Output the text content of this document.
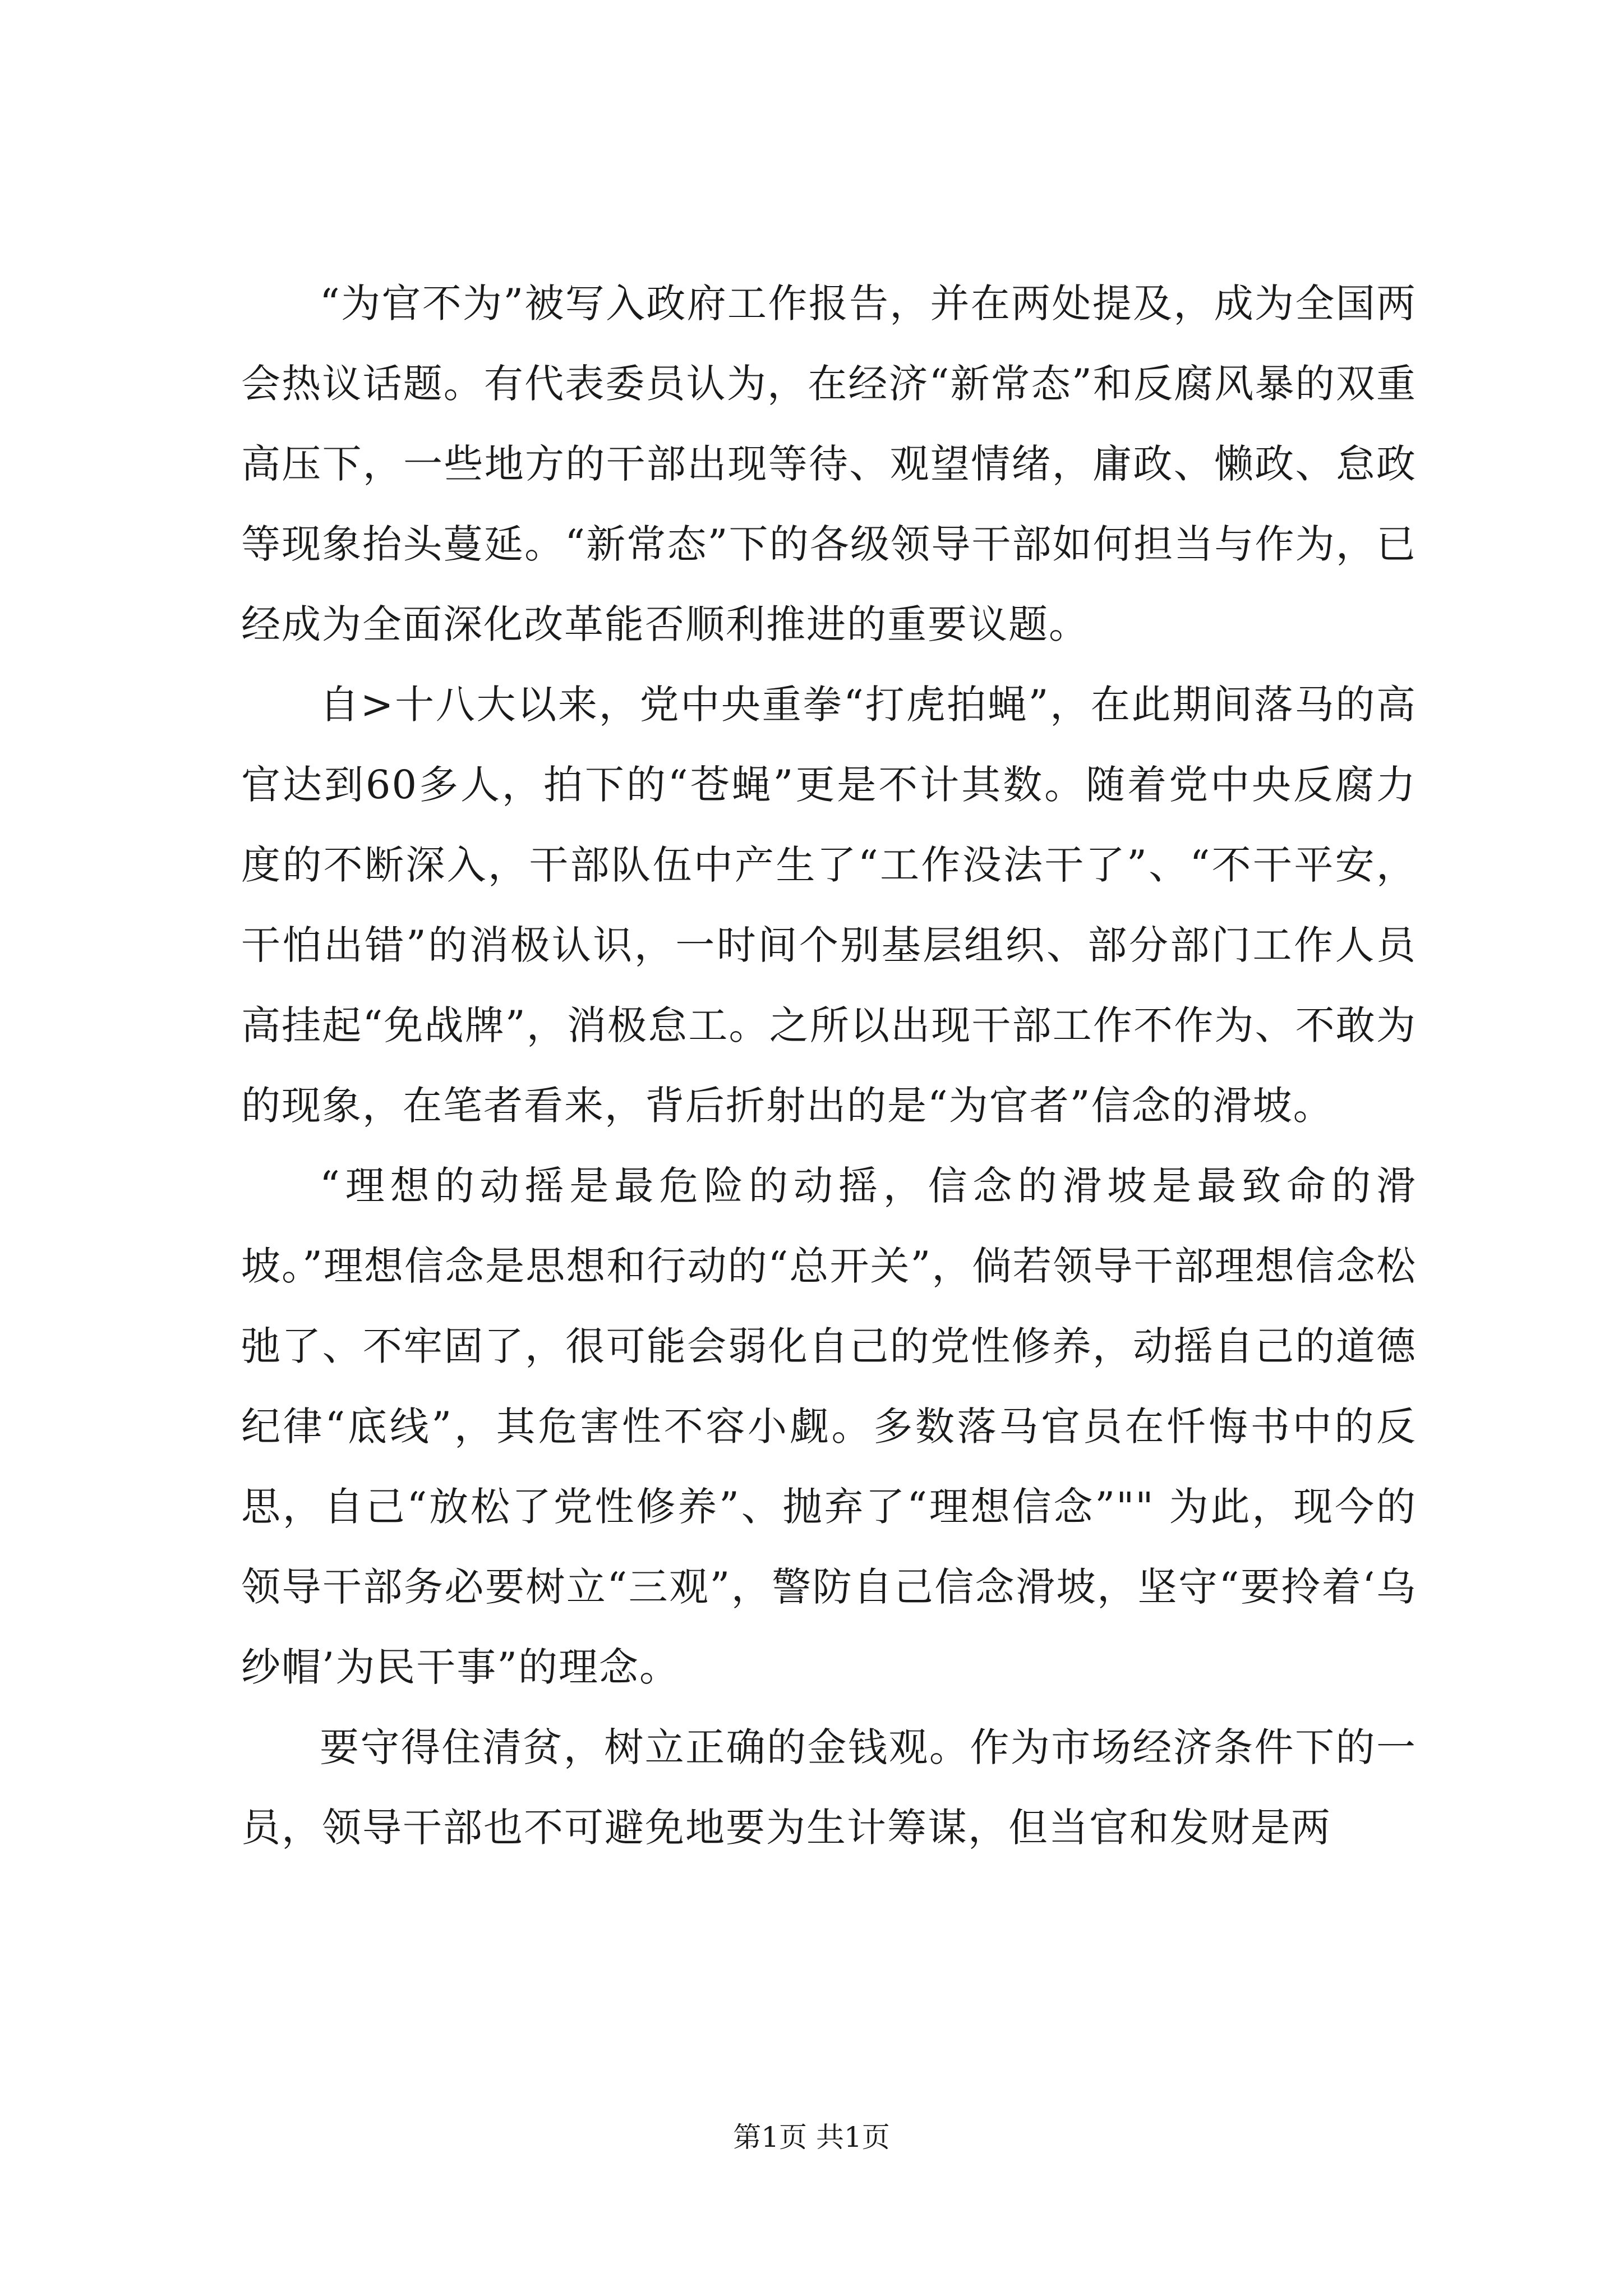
“为官不为”被写入政府工作报告，并在两处提及，成为全国两会热议话题。有代表委员认为，在经济“新常态”和反腐风暴的双重高压下，一些地方的干部出现等待、观望情绪，庸政、懒政、怠政等现象抬头蔓延。“新常态”下的各级领导干部如何担当与作为，已经成为全面深化改革能否顺利推进的重要议题。

自>十八大以来，党中央重拳“打虎拍蝇”，在此期间落马的高官达到60多人，拍下的“苍蝇”更是不计其数。随着党中央反腐力度的不断深入，干部队伍中产生了“工作没法干了”、“不干平安，干怕出错”的消极认识，一时间个别基层组织、部分部门工作人员高挂起“免战牌”，消极怠工。之所以出现干部工作不作为、不敢为的现象，在笔者看来，背后折射出的是“为官者”信念的滑坡。

“理想的动摇是最危险的动摇，信念的滑坡是最致命的滑坡。”理想信念是思想和行动的“总开关”，倘若领导干部理想信念松弛了、不牢固了，很可能会弱化自己的党性修养，动摇自己的道德纪律“底线”，其危害性不容小觑。多数落马官员在忏悔书中的反思，自己“放松了党性修养”、抛弃了“理想信念”"" 为此，现今的领导干部务必要树立“三观”，警防自己信念滑坡，坚守“要拎着‘乌纱帽’为民干事”的理念。

要守得住清贫，树立正确的金钱观。作为市场经济条件下的一员，领导干部也不可避免地要为生计筹谋，但当官和发财是两

第1页 共1页
